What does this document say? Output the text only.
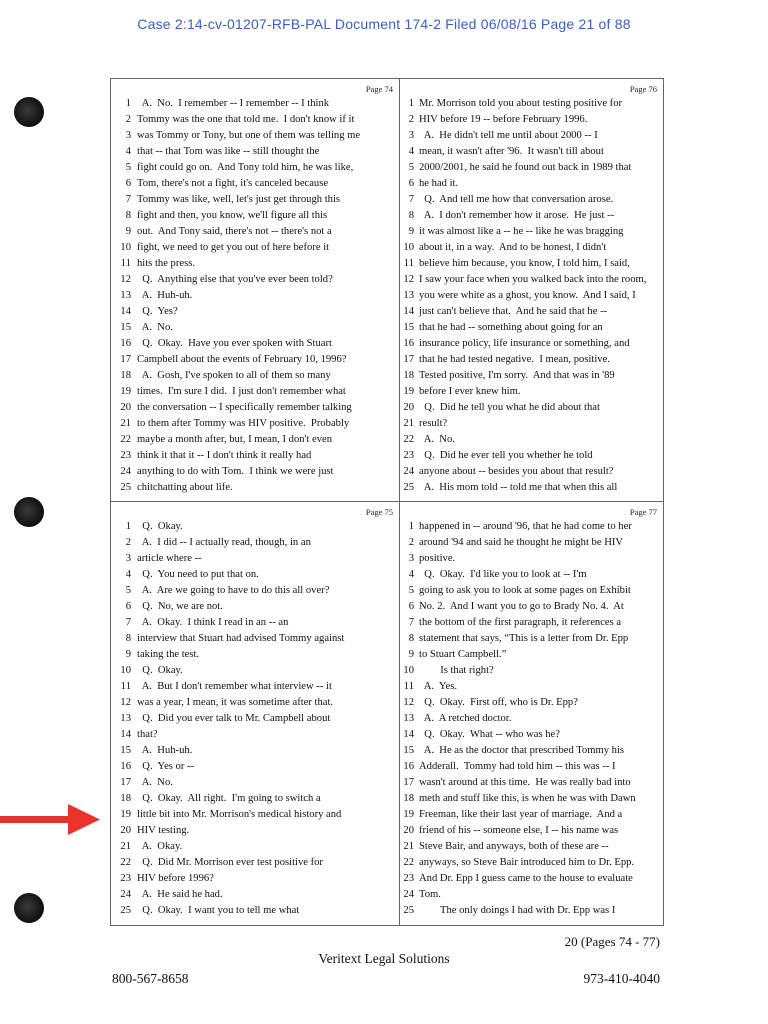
Case 2:14-cv-01207-RFB-PAL Document 174-2 Filed 06/08/16 Page 21 of 88
Page 74
1 A.  No.  I remember -- I remember -- I think
2 Tommy was the one that told me.  I don't know if it
3 was Tommy or Tony, but one of them was telling me
4 that -- that Tom was like -- still thought the
5 fight could go on.  And Tony told him, he was like,
6 Tom, there's not a fight, it's canceled because
7 Tommy was like, well, let's just get through this
8 fight and then, you know, we'll figure all this
9 out.  And Tony said, there's not -- there's not a
10 fight, we need to get you out of here before it
11 hits the press.
12 Q.  Anything else that you've ever been told?
13 A.  Huh-uh.
14 Q.  Yes?
15 A.  No.
16 Q.  Okay.  Have you ever spoken with Stuart
17 Campbell about the events of February 10, 1996?
18 A.  Gosh, I've spoken to all of them so many
19 times.  I'm sure I did.  I just don't remember what
20 the conversation -- I specifically remember talking
21 to them after Tommy was HIV positive.  Probably
22 maybe a month after, but, I mean, I don't even
23 think it that it -- I don't think it really had
24 anything to do with Tom.  I think we were just
25 chitchatting about life.
Page 76
1 Mr. Morrison told you about testing positive for
2 HIV before 19 -- before February 1996.
3 A.  He didn't tell me until about 2000 -- I
4 mean, it wasn't after '96.  It wasn't till about
5 2000/2001, he said he found out back in 1989 that
6 he had it.
7 Q.  And tell me how that conversation arose.
8 A.  I don't remember how it arose.  He just --
9 it was almost like a -- he -- like he was bragging
10 about it, in a way.  And to be honest, I didn't
11 believe him because, you know, I told him, I said,
12 I saw your face when you walked back into the room,
13 you were white as a ghost, you know.  And I said, I
14 just can't believe that.  And he said that he --
15 that he had -- something about going for an
16 insurance policy, life insurance or something, and
17 that he had tested negative.  I mean, positive.
18 Tested positive, I'm sorry.  And that was in '89
19 before I ever knew him.
20 Q.  Did he tell you what he did about that
21 result?
22 A.  No.
23 Q.  Did he ever tell you whether he told
24 anyone about -- besides you about that result?
25 A.  His mom told -- told me that when this all
Page 75
1 Q.  Okay.
2 A.  I did -- I actually read, though, in an
3 article where --
4 Q.  You need to put that on.
5 A.  Are we going to have to do this all over?
6 Q.  No, we are not.
7 A.  Okay.  I think I read in an -- an
8 interview that Stuart had advised Tommy against
9 taking the test.
10 Q.  Okay.
11 A.  But I don't remember what interview -- it
12 was a year, I mean, it was sometime after that.
13 Q.  Did you ever talk to Mr. Campbell about
14 that?
15 A.  Huh-uh.
16 Q.  Yes or --
17 A.  No.
18 Q.  Okay.  All right.  I'm going to switch a
19 little bit into Mr. Morrison's medical history and
20 HIV testing.
21 A.  Okay.
22 Q.  Did Mr. Morrison ever test positive for
23 HIV before 1996?
24 A.  He said he had.
25 Q.  Okay.  I want you to tell me what
Page 77
1 happened in -- around '96, that he had come to her
2 around '94 and said he thought he might be HIV
3 positive.
4 Q.  Okay.  I'd like you to look at -- I'm
5 going to ask you to look at some pages on Exhibit
6 No. 2.  And I want you to go to Brady No. 4.  At
7 the bottom of the first paragraph, it references a
8 statement that says, “This is a letter from Dr. Epp
9 to Stuart Campbell.”
10 Is that right?
11 A.  Yes.
12 Q.  Okay.  First off, who is Dr. Epp?
13 A.  A retched doctor.
14 Q.  Okay.  What -- who was he?
15 A.  He as the doctor that prescribed Tommy his
16 Adderall.  Tommy had told him -- this was -- I
17 wasn't around at this time.  He was really bad into
18 meth and stuff like this, is when he was with Dawn
19 Freeman, like their last year of marriage.  And a
20 friend of his -- someone else, I -- his name was
21 Steve Bair, and anyways, both of these are --
22 anyways, so Steve Bair introduced him to Dr. Epp.
23 And Dr. Epp I guess came to the house to evaluate
24 Tom.
25 The only doings I had with Dr. Epp was I
20 (Pages 74 - 77)
Veritext Legal Solutions
800-567-8658	973-410-4040
